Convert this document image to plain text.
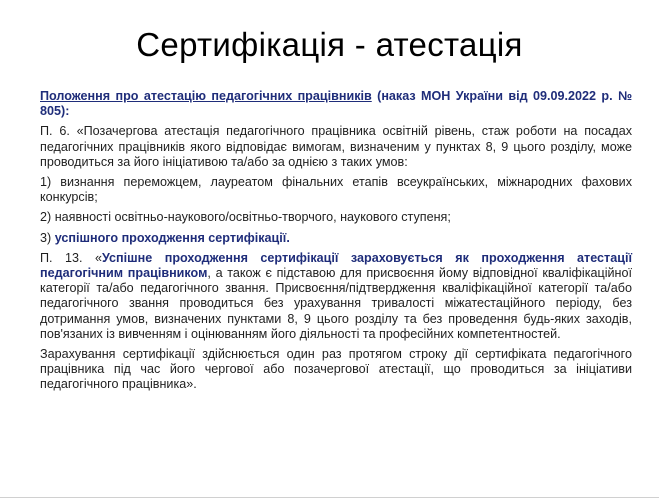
Сертифікація - атестація

Положення про атестацію педагогічних працівників (наказ МОН України від 09.09.2022 р. № 805):

П. 6. «Позачергова атестація педагогічного працівника освітній рівень, стаж роботи на посадах педагогічних працівників якого відповідає вимогам, визначеним у пунктах 8, 9 цього розділу, може проводиться за його ініціативою та/або за однією з таких умов:

1) визнання переможцем, лауреатом фінальних етапів всеукраїнських, міжнародних фахових конкурсів;

2) наявності освітньо-наукового/освітньо-творчого, наукового ступеня;

3) успішного проходження сертифікації.

П. 13. «Успішне проходження сертифікації зараховується як проходження атестації педагогічним працівником, а також є підставою для присвоєння йому відповідної кваліфікаційної категорії та/або педагогічного звання. Присвоєння/підтвердження кваліфікаційної категорії та/або педагогічного звання проводиться без урахування тривалості міжатестаційного періоду, без дотримання умов, визначених пунктами 8, 9 цього розділу та без проведення будь-яких заходів, пов'язаних із вивченням і оцінюванням його діяльності та професійних компетентностей.

Зарахування сертифікації здійснюється один раз протягом строку дії сертифіката педагогічного працівника під час його чергової або позачергової атестації, що проводиться за ініціативи педагогічного працівника».
